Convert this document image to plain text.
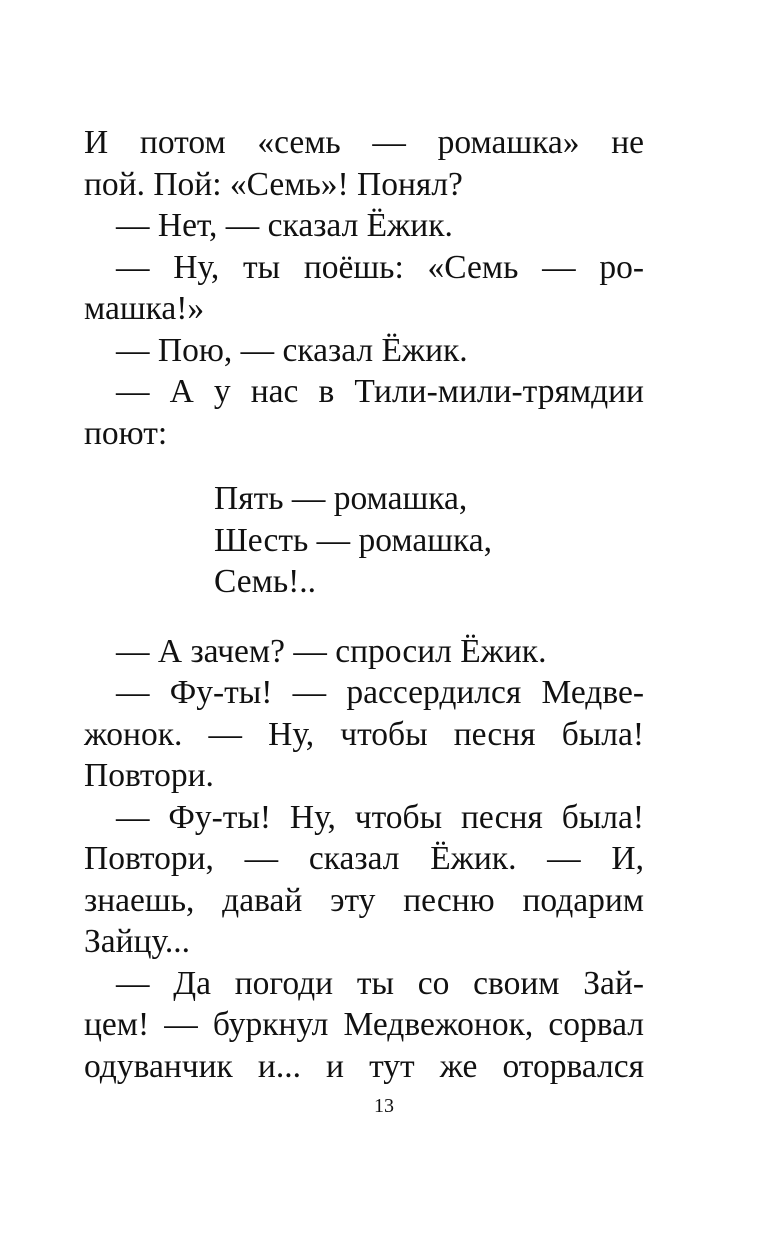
И потом «семь — ромашка» не
пой. Пой: «Семь»! Понял?
— Нет, — сказал Ёжик.
— Ну, ты поёшь: «Семь — ро-
машка!»
— Пою, — сказал Ёжик.
— А у нас в Тили-мили-трямдии
поют:
Пять — ромашка,
Шесть — ромашка,
Семь!..
— А зачем? — спросил Ёжик.
— Фу-ты! — рассердился Медве-
жонок. — Ну, чтобы песня была!
Повтори.
— Фу-ты! Ну, чтобы песня была!
Повтори, — сказал Ёжик. — И,
знаешь, давай эту песню подарим
Зайцу...
— Да погоди ты со своим Зай-
цем! — буркнул Медвежонок, сорвал
одуванчик и... и тут же оторвался
13
